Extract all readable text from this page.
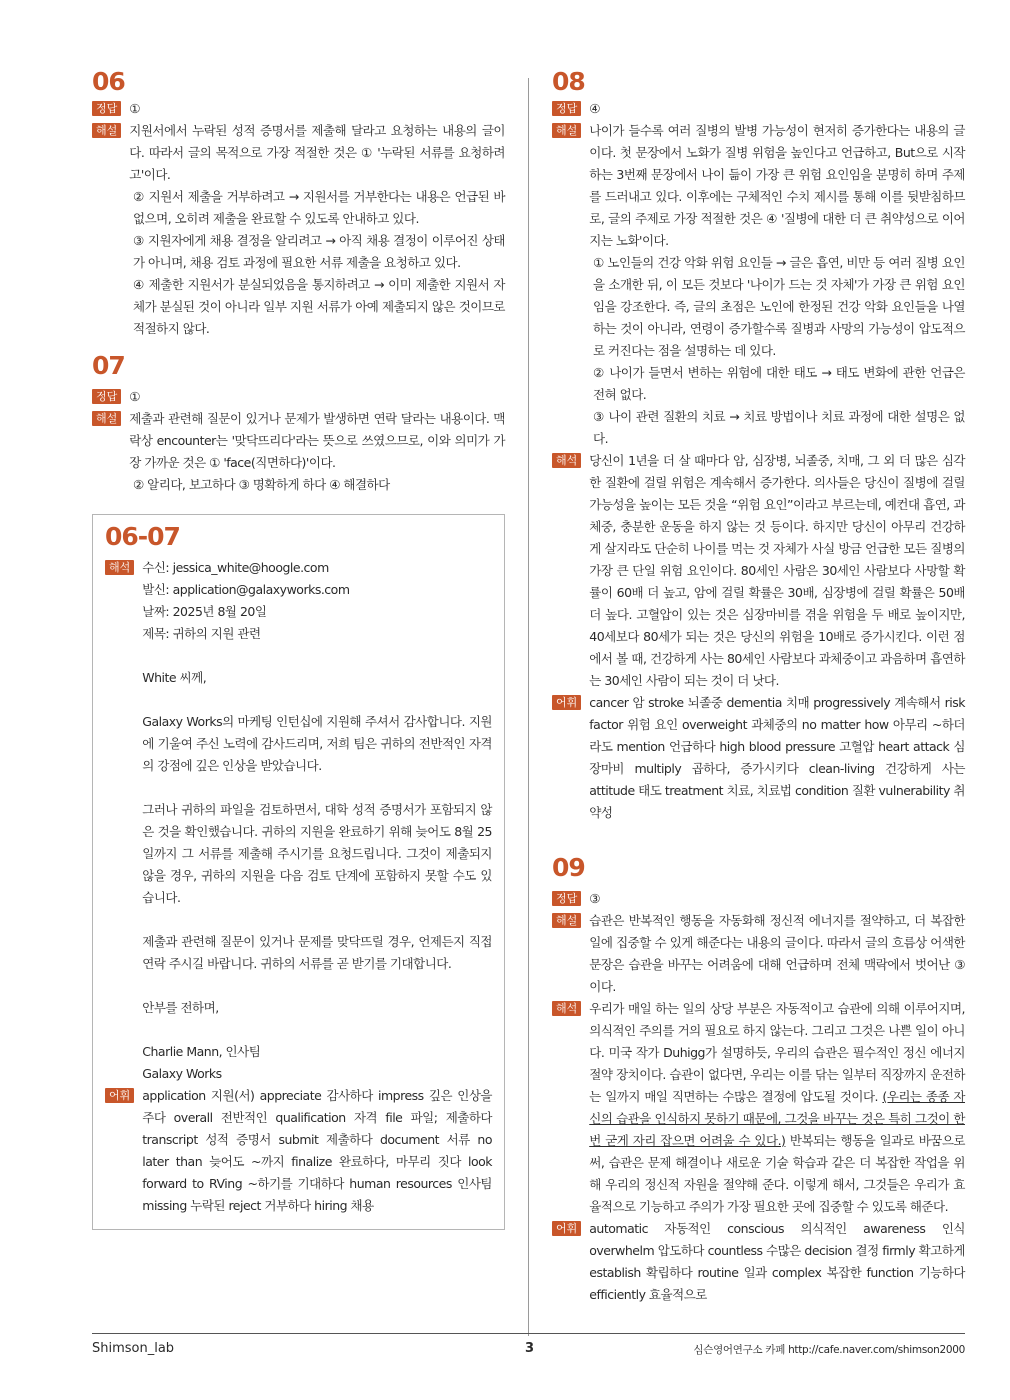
06
정답 ①
해설 지원서에서 누락된 성적 증명서를 제출해 달라고 요청하는 내용의 글이다. 따라서 글의 목적으로 가장 적절한 것은 ① '누락된 서류를 요청하려고'이다.

② 지원서 제출을 거부하려고 → 지원서를 거부한다는 내용은 언급된 바 없으며, 오히려 제출을 완료할 수 있도록 안내하고 있다.
③ 지원자에게 채용 결정을 알리려고 → 아직 채용 결정이 이루어진 상태가 아니며, 채용 검토 과정에 필요한 서류 제출을 요청하고 있다.
④ 제출한 지원서가 분실되었음을 통지하려고 → 이미 제출한 지원서 자체가 분실된 것이 아니라 일부 지원 서류가 아예 제출되지 않은 것이므로 적절하지 않다.
07
정답 ①
해설 제출과 관련해 질문이 있거나 문제가 발생하면 연락 달라는 내용이다. 맥락상 encounter는 '맞닥뜨리다'라는 뜻으로 쓰였으므로, 이와 의미가 가장 가까운 것은 ① 'face(직면하다)'이다.

② 알리다, 보고하다 ③ 명확하게 하다 ④ 해결하다
06-07
해석 수신: jessica_white@hoogle.com

발신: application@galaxyworks.com

날짜: 2025년 8월 20일

제목: 귀하의 지원 관련

White 씨께,

Galaxy Works의 마케팅 인턴십에 지원해 주셔서 감사합니다. 지원에 기울여 주신 노력에 감사드리며, 저희 팀은 귀하의 전반적인 자격의 강점에 깊은 인상을 받았습니다.

그러나 귀하의 파일을 검토하면서, 대학 성적 증명서가 포함되지 않은 것을 확인했습니다. 귀하의 지원을 완료하기 위해 늦어도 8월 25일까지 그 서류를 제출해 주시기를 요청드립니다. 그것이 제출되지 않을 경우, 귀하의 지원을 다음 검토 단계에 포함하지 못할 수도 있습니다.

제출과 관련해 질문이 있거나 문제를 맞닥뜨릴 경우, 언제든지 직접 연락 주시길 바랍니다. 귀하의 서류를 곧 받기를 기대합니다.

안부를 전하며,

Charlie Mann, 인사팀

Galaxy Works

어휘 application 지원(서) appreciate 감사하다 impress 깊은 인상을 주다 overall 전반적인 qualification 자격 file 파일; 제출하다 transcript 성적 증명서 submit 제출하다 document 서류 no later than 늦어도 ~까지 finalize 완료하다, 마무리 짓다 look forward to RVing ~하기를 기대하다 human resources 인사팀 missing 누락된 reject 거부하다 hiring 채용
08
정답 ④
해설 나이가 들수록 여러 질병의 발병 가능성이 현저히 증가한다는 내용의 글이다. 첫 문장에서 노화가 질병 위험을 높인다고 언급하고, But으로 시작하는 3번째 문장에서 나이 듦이 가장 큰 위험 요인임을 분명히 하며 주제를 드러내고 있다. 이후에는 구체적인 수치 제시를 통해 이를 뒷받침하므로, 글의 주제로 가장 적절한 것은 ④ '질병에 대한 더 큰 취약성으로 이어지는 노화'이다.

① 노인들의 건강 악화 위험 요인들 → 글은 흡연, 비만 등 여러 질병 요인을 소개한 뒤, 이 모든 것보다 '나이가 드는 것 자체'가 가장 큰 위험 요인임을 강조한다. 즉, 글의 초점은 노인에 한정된 건강 악화 요인들을 나열하는 것이 아니라, 연령이 증가할수록 질병과 사망의 가능성이 압도적으로 커진다는 점을 설명하는 데 있다.
② 나이가 들면서 변하는 위험에 대한 태도 → 태도 변화에 관한 언급은 전혀 없다.
③ 나이 관련 질환의 치료 → 치료 방법이나 치료 과정에 대한 설명은 없다.
해석 당신이 1년을 더 살 때마다 암, 심장병, 뇌졸중, 치매, 그 외 더 많은 심각한 질환에 걸릴 위험은 계속해서 증가한다. 의사들은 당신이 질병에 걸릴 가능성을 높이는 모든 것을 “위험 요인”이라고 부르는데, 예컨대 흡연, 과체중, 충분한 운동을 하지 않는 것 등이다. 하지만 당신이 아무리 건강하게 살지라도 단순히 나이를 먹는 것 자체가 사실 방금 언급한 모든 질병의 가장 큰 단일 위험 요인이다. 80세인 사람은 30세인 사람보다 사망할 확률이 60배 더 높고, 암에 걸릴 확률은 30배, 심장병에 걸릴 확률은 50배 더 높다. 고혈압이 있는 것은 심장마비를 겪을 위험을 두 배로 높이지만, 40세보다 80세가 되는 것은 당신의 위험을 10배로 증가시킨다. 이런 점에서 볼 때, 건강하게 사는 80세인 사람보다 과체중이고 과음하며 흡연하는 30세인 사람이 되는 것이 더 낫다.
어휘 cancer 암 stroke 뇌졸중 dementia 치매 progressively 계속해서 risk factor 위험 요인 overweight 과체중의 no matter how 아무리 ~하더라도 mention 언급하다 high blood pressure 고혈압 heart attack 심장마비 multiply 곱하다, 증가시키다 clean-living 건강하게 사는 attitude 태도 treatment 치료, 치료법 condition 질환 vulnerability 취약성
09
정답 ③
해설 습관은 반복적인 행동을 자동화해 정신적 에너지를 절약하고, 더 복잡한 일에 집중할 수 있게 해준다는 내용의 글이다. 따라서 글의 흐름상 어색한 문장은 습관을 바꾸는 어려움에 대해 언급하며 전체 맥락에서 벗어난 ③이다.
해석 우리가 매일 하는 일의 상당 부분은 자동적이고 습관에 의해 이루어지며, 의식적인 주의를 거의 필요로 하지 않는다. 그리고 그것은 나쁜 일이 아니다. 미국 작가 Duhigg가 설명하듯, 우리의 습관은 필수적인 정신 에너지 절약 장치이다. 습관이 없다면, 우리는 이를 닦는 일부터 직장까지 운전하는 일까지 매일 직면하는 수많은 결정에 압도될 것이다. (우리는 종종 자신의 습관을 인식하지 못하기 때문에, 그것을 바꾸는 것은 특히 그것이 한 번 굳게 자리 잡으면 어려울 수 있다.) 반복되는 행동을 일과로 바꿈으로써, 습관은 문제 해결이나 새로운 기술 학습과 같은 더 복잡한 작업을 위해 우리의 정신적 자원을 절약해 준다. 이렇게 해서, 그것들은 우리가 효율적으로 기능하고 주의가 가장 필요한 곳에 집중할 수 있도록 해준다.
어휘 automatic 자동적인 conscious 의식적인 awareness 인식 overwhelm 압도하다 countless 수많은 decision 결정 firmly 확고하게 establish 확립하다 routine 일과 complex 복잡한 function 기능하다 efficiently 효율적으로
Shimson_lab	3	심슨영어연구소 카페 http://cafe.naver.com/shimson2000
